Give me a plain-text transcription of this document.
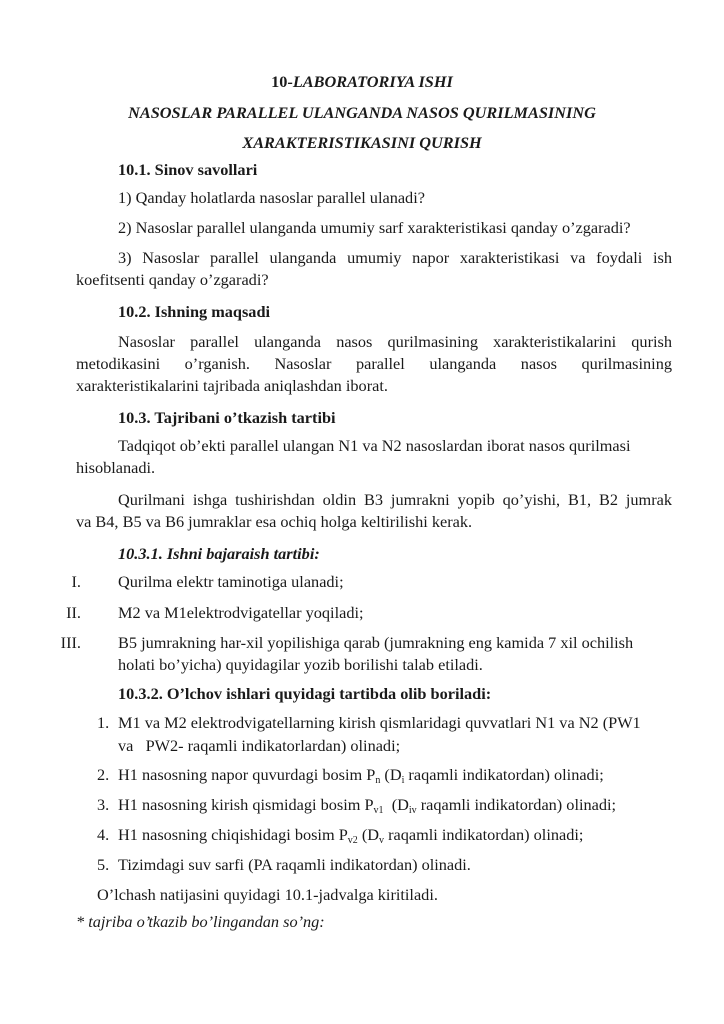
10-LABORATORIYA ISHI
NASOSLAR PARALLEL ULANGANDA NASOS QURILMASINING
XARAKTERISTIKASINI QURISH
10.1. Sinov savollari
1) Qanday holatlarda nasoslar parallel ulanadi?
2) Nasoslar parallel ulanganda umumiy sarf xarakteristikasi qanday o’zgaradi?
3) Nasoslar parallel ulanganda umumiy napor xarakteristikasi va foydali ish
koefitsenti qanday o’zgaradi?
10.2. Ishning maqsadi
Nasoslar parallel ulanganda nasos qurilmasining xarakteristikalarini qurish
metodikasini o’rganish. Nasoslar parallel ulanganda nasos qurilmasining
xarakteristikalarini tajribada aniqlashdan iborat.
10.3. Tajribani o’tkazish tartibi
Tadqiqot ob’ekti parallel ulangan N1 va N2 nasoslardan iborat nasos qurilmasi
hisoblanadi.
Qurilmani ishga tushirishdan oldin B3 jumrakni yopib qo’yishi, B1, B2 jumrak
va B4, B5 va B6 jumraklar esa ochiq holga keltirilishi kerak.
10.3.1. Ishni bajaraish tartibi:
I. Qurilma elektr taminotiga ulanadi;
II. M2 va M1elektrodvigatellar yoqiladi;
III. B5 jumrakning har-xil yopilishiga qarab (jumrakning eng kamida 7 xil ochilish
holati bo’yicha) quyidagilar yozib borilishi talab etiladi.
10.3.2. O’lchov ishlari quyidagi tartibda olib boriladi:
1. M1 va M2 elektrodvigatellarning kirish qismlaridagi quvvatlari N1 va N2 (PW1
va   PW2- raqamli indikatorlardan) olinadi;
2. H1 nasosning napor quvurdagi bosim $P_n$ ($D_i$ raqamli indikatordan) olinadi;
3. H1 nasosning kirish qismidagi bosim $P_{v1}$  ($D_{iv}$ raqamli indikatordan) olinadi;
4. H1 nasosning chiqishidagi bosim $P_{v2}$ ($D_v$ raqamli indikatordan) olinadi;
5. Tizimdagi suv sarfi (PA raqamli indikatordan) olinadi.
O’lchash natijasini quyidagi 10.1-jadvalga kiritiladi.
* tajriba o’tkazib bo’lingandan so’ng:
